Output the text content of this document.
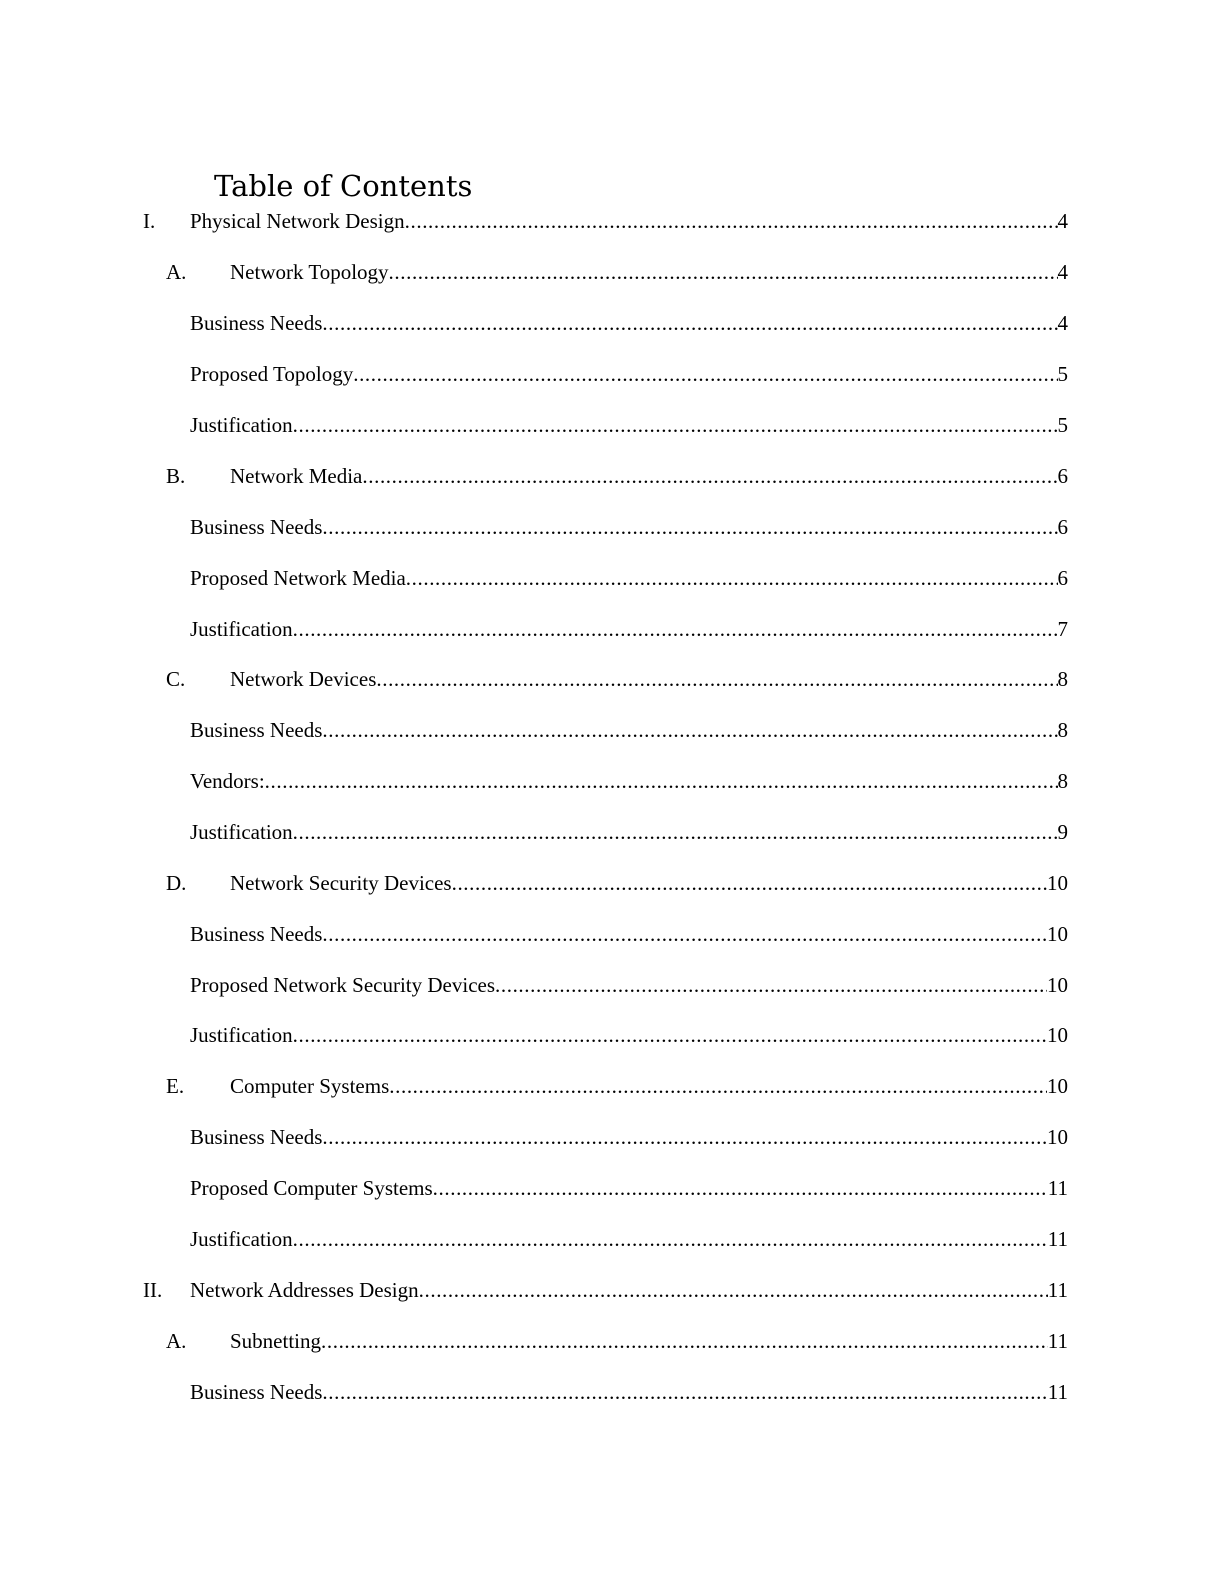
Table of Contents
I. Physical Network Design .....	4
A. Network Topology .....	4
Business Needs .....	4
Proposed Topology .....	5
Justification .....	5
B. Network Media .....	6
Business Needs .....	6
Proposed Network Media .....	6
Justification .....	7
C. Network Devices .....	8
Business Needs .....	8
Vendors: .....	8
Justification .....	9
D. Network Security Devices .....	10
Business Needs .....	10
Proposed Network Security Devices .....	10
Justification .....	10
E. Computer Systems .....	10
Business Needs .....	10
Proposed Computer Systems .....	11
Justification .....	11
II. Network Addresses Design .....	11
A. Subnetting .....	11
Business Needs .....	11
